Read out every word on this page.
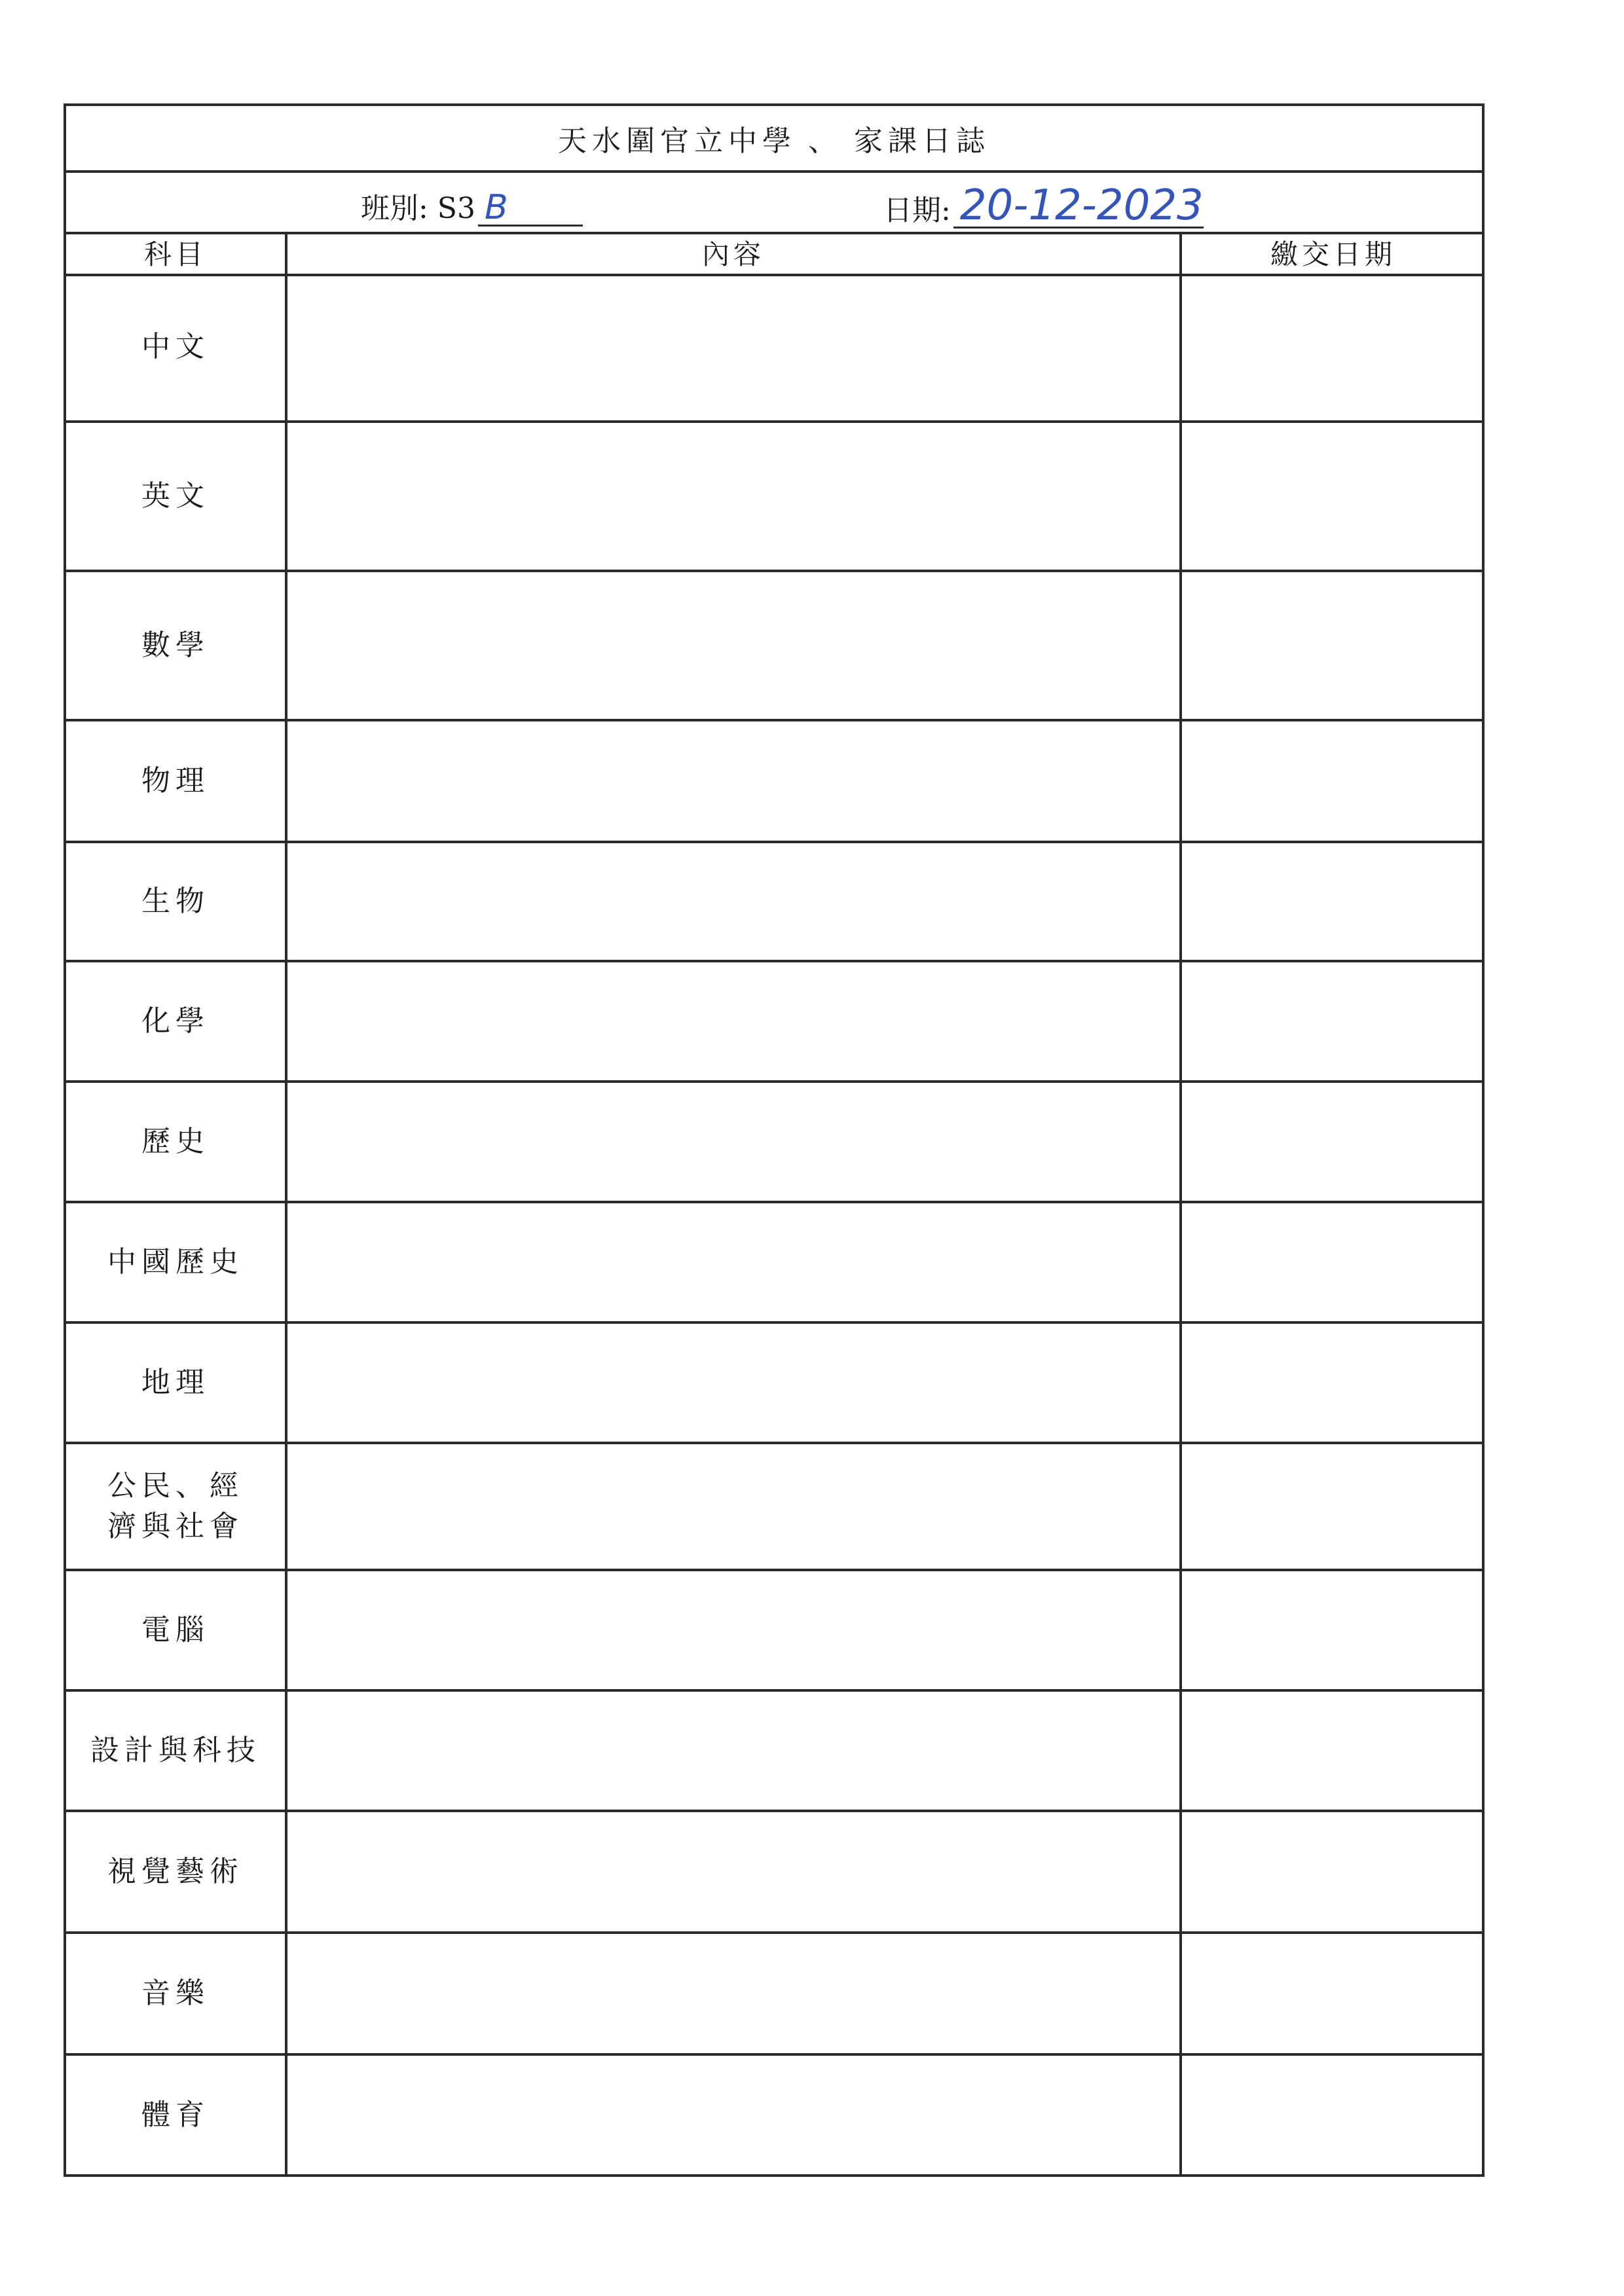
天水圍官立中學 、 家課日誌
班別: S3 B	日期: 20-12-2023
科目	內容	繳交日期
中文
英文
數學
物理
生物
化學
歷史
中國歷史
地理
公民、經濟與社會
電腦
設計與科技
視覺藝術
音樂
體育
